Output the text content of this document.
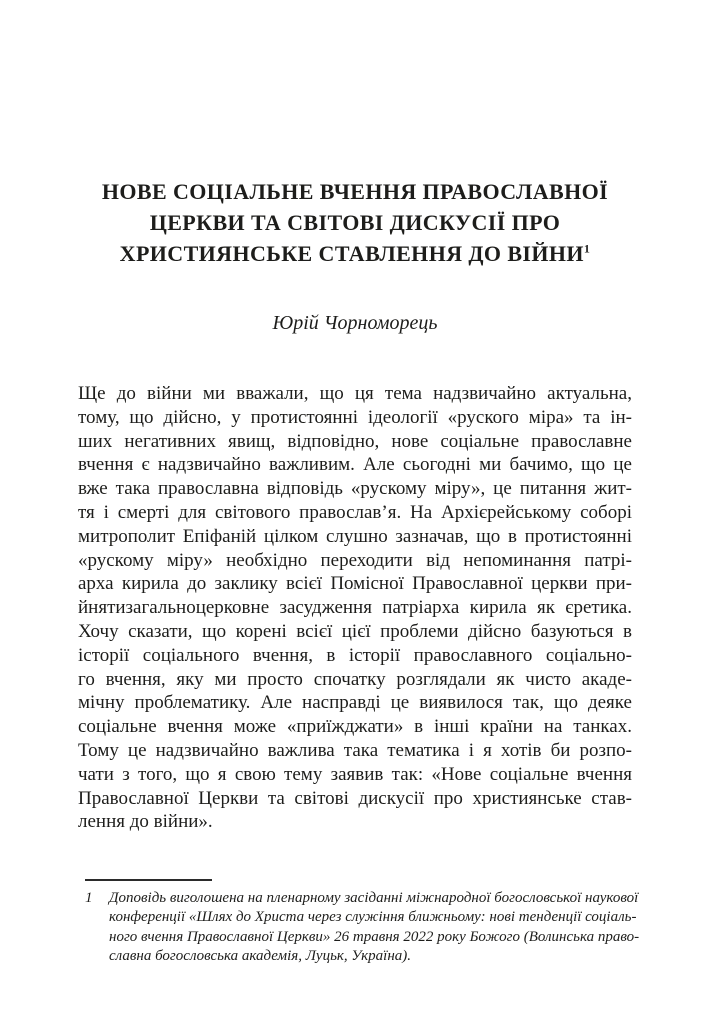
НОВЕ СОЦІАЛЬНЕ ВЧЕННЯ ПРАВОСЛАВНОЇ
ЦЕРКВИ ТА СВІТОВІ ДИСКУСІЇ ПРО
ХРИСТИЯНСЬКЕ СТАВЛЕННЯ ДО ВІЙНИ$^1$
Юрій Чорноморець
Ще до війни ми вважали, що ця тема надзвичайно актуальна,
тому, що дійсно, у протистоянні ідеології «руского міра» та ін-
ших негативних явищ, відповідно, нове соціальне православне
вчення є надзвичайно важливим. Але сьогодні ми бачимо, що це
вже така православна відповідь «рускому міру», це питання жит-
тя і смерті для світового православ’я. На Архієрейському соборі
митрополит Епіфаній цілком слушно зазначав, що в протистоянні
«рускому міру» необхідно переходити від непоминання патрі-
арха кирила до заклику всієї Помісної Православної церкви при-
йнятизагальноцерковне засудження патріарха кирила як єретика.
Хочу сказати, що корені всієї цієї проблеми дійсно базуються в
історії соціального вчення, в історії православного соціально-
го вчення, яку ми просто спочатку розглядали як чисто акаде-
мічну проблематику. Але насправді це виявилося так, що деяке
соціальне вчення може «приїжджати» в інші країни на танках.
Тому це надзвичайно важлива така тематика і я хотів би розпо-
чати з того, що я свою тему заявив так: «Нове соціальне вчення
Православної Церкви та світові дискусії про християнське став-
лення до війни».
1	Доповідь виголошена на пленарному засіданні міжнародної богословської наукової
конференції «Шлях до Христа через служіння ближньому: нові тенденції соціаль-
ного вчення Православної Церкви» 26 травня 2022 року Божого (Волинська право-
славна богословська академія, Луцьк, Україна).
